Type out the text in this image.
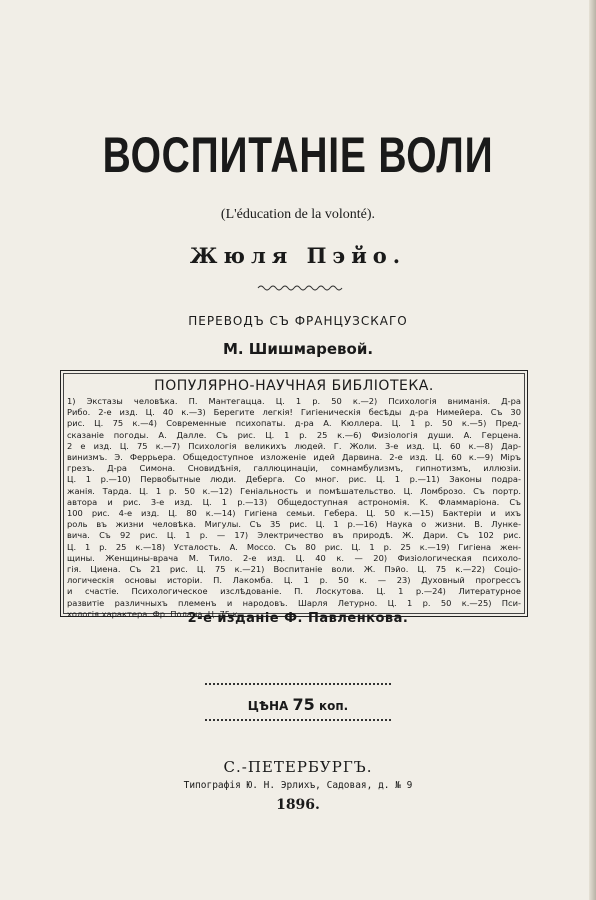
ВОСПИТАНІЕ ВОЛИ
(L'éducation de la volonté).
Жюля Пэйо.
ПЕРЕВОДЪ СЪ ФРАНЦУЗСКАГО
М. Шишмаревой.
ПОПУЛЯРНО-НАУЧНАЯ БИБЛІОТЕКА.
1) Экстазы человѣка. П. Мантегацца. Ц. 1 р. 50 к.—2) Психологія вниманія. Д-ра
Рибо. 2-е изд. Ц. 40 к.—3) Берегите легкія! Гигіеническія бесѣды д-ра Нимейера. Съ 30
рис. Ц. 75 к.—4) Современные психопаты. д-ра А. Кюллера. Ц. 1 р. 50 к.—5) Пред-
сказаніе погоды. А. Далле. Съ рис. Ц. 1 р. 25 к.—6) Физіологія души. А. Герцена.
2 е изд. Ц. 75 к.—7) Психологія великихъ людей. Г. Жоли. 3-е изд. Ц. 60 к.—8) Дар-
винизмъ. Э. Феррьера. Общедоступное изложеніе идей Дарвина. 2-е изд. Ц. 60 к.—9) Міръ
грезъ. Д-ра Симона. Сновидѣнія, галлюцинаціи, сомнамбулизмъ, гипнотизмъ, иллюзіи.
Ц. 1 р.—10) Первобытные люди. Деберга. Со мног. рис. Ц. 1 р.—11) Законы подра-
жанія. Тарда. Ц. 1 р. 50 к.—12) Геніальность и помѣшательство. Ц. Ломброзо. Съ портр.
автора и рис. 3-е изд. Ц. 1 р.—13) Общедоступная астрономія. К. Фламмаріона. Съ
100 рис. 4-е изд. Ц. 80 к.—14) Гигіена семьи. Гебера. Ц. 50 к.—15) Бактеріи и ихъ
роль въ жизни человѣка. Мигулы. Съ 35 рис. Ц. 1 р.—16) Наука о жизни. В. Лункe-
вича. Съ 92 рис. Ц. 1 р. — 17) Электричество въ природѣ. Ж. Дари. Съ 102 рис.
Ц. 1 р. 25 к.—18) Усталость. А. Моссо. Съ 80 рис. Ц. 1 р. 25 к.—19) Гигіена жен-
щины. Женщины-врача М. Тило. 2-е изд. Ц. 40 к. — 20) Физіологическая психоло-
гія. Циена. Съ 21 рис. Ц. 75 к.—21) Воспитаніе воли. Ж. Пэйо. Ц. 75 к.—22) Соціо-
логическія основы исторіи. П. Лакомба. Ц. 1 р. 50 к. — 23) Духовный прогрессъ
и счастіе. Психологическое изслѣдованіе. П. Лоскутова. Ц. 1 р.—24) Литературное
развитіе различныхъ племенъ и народовъ. Шарля Летурно. Ц. 1 р. 50 к.—25) Пси-
хологія характера. Фр. Полана. Ц. 75 к.
2-е изданіе Ф. Павленкова.
ЦѢНА 75 коп.
С.-ПЕТЕРБУРГЪ.
Типографія Ю. Н. Эрлихъ, Садовая, д. № 9
1896.
